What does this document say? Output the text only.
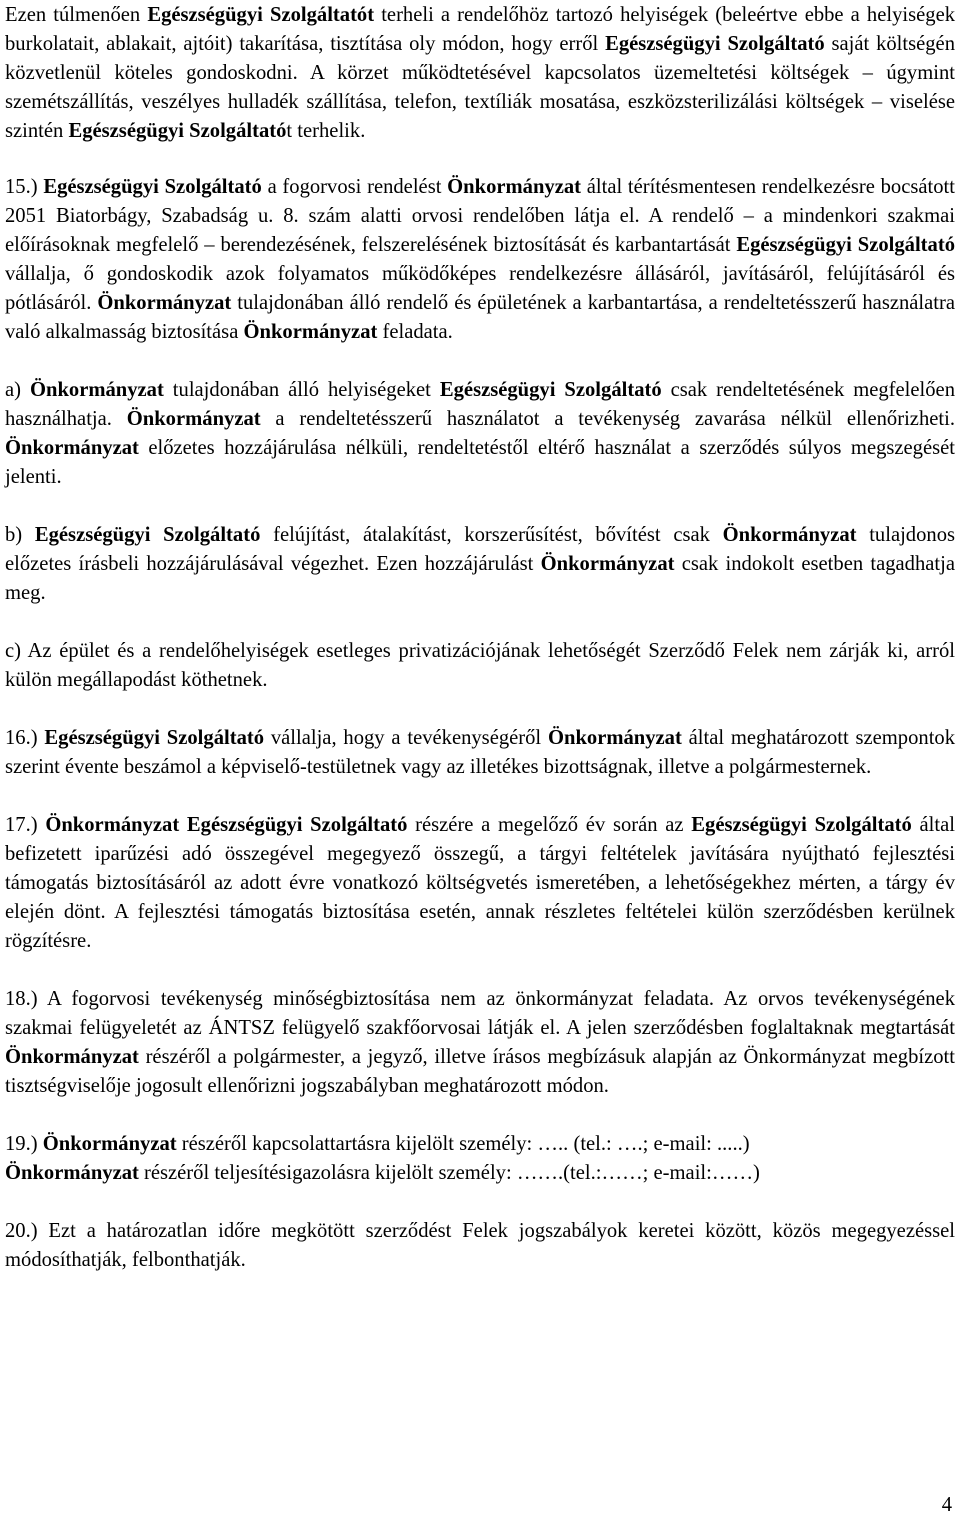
Ezen túlmenően Egészségügyi Szolgáltatót terheli a rendelőhöz tartozó helyiségek (beleértve ebbe a helyiségek burkolatait, ablakait, ajtóit) takarítása, tisztítása oly módon, hogy erről Egészségügyi Szolgáltató saját költségén közvetlenül köteles gondoskodni. A körzet működtetésével kapcsolatos üzemeltetési költségek – úgymint szemétszállítás, veszélyes hulladék szállítása, telefon, textíliák mosatása, eszközsterilizálási költségek – viselése szintén Egészségügyi Szolgáltatót terhelik.

15.) Egészségügyi Szolgáltató a fogorvosi rendelést Önkormányzat által térítésmentesen rendelkezésre bocsátott 2051 Biatorbágy, Szabadság u. 8. szám alatti orvosi rendelőben látja el. A rendelő – a mindenkori szakmai előírásoknak megfelelő – berendezésének, felszerelésének biztosítását és karbantartását Egészségügyi Szolgáltató vállalja, ő gondoskodik azok folyamatos működőképes rendelkezésre állásáról, javításáról, felújításáról és pótlásáról. Önkormányzat tulajdonában álló rendelő és épületének a karbantartása, a rendeltetésszerű használatra való alkalmasság biztosítása Önkormányzat feladata.

a) Önkormányzat tulajdonában álló helyiségeket Egészségügyi Szolgáltató csak rendeltetésének megfelelően használhatja. Önkormányzat a rendeltetésszerű használatot a tevékenység zavarása nélkül ellenőrizheti. Önkormányzat előzetes hozzájárulása nélküli, rendeltetéstől eltérő használat a szerződés súlyos megszegését jelenti.

b) Egészségügyi Szolgáltató felújítást, átalakítást, korszerűsítést, bővítést csak Önkormányzat tulajdonos előzetes írásbeli hozzájárulásával végezhet. Ezen hozzájárulást Önkormányzat csak indokolt esetben tagadhatja meg.

c) Az épület és a rendelőhelyiségek esetleges privatizációjának lehetőségét Szerződő Felek nem zárják ki, arról külön megállapodást köthetnek.

16.) Egészségügyi Szolgáltató vállalja, hogy a tevékenységéről Önkormányzat által meghatározott szempontok szerint évente beszámol a képviselő-testületnek vagy az illetékes bizottságnak, illetve a polgármesternek.

17.) Önkormányzat Egészségügyi Szolgáltató részére a megelőző év során az Egészségügyi Szolgáltató által befizetett iparűzési adó összegével megegyező összegű, a tárgyi feltételek javítására nyújtható fejlesztési támogatás biztosításáról az adott évre vonatkozó költségvetés ismeretében, a lehetőségekhez mérten, a tárgy év elején dönt. A fejlesztési támogatás biztosítása esetén, annak részletes feltételei külön szerződésben kerülnek rögzítésre.

18.) A fogorvosi tevékenység minőségbiztosítása nem az önkormányzat feladata. Az orvos tevékenységének szakmai felügyeletét az ÁNTSZ felügyelő szakfőorvosai látják el. A jelen szerződésben foglaltaknak megtartását Önkormányzat részéről a polgármester, a jegyző, illetve írásos megbízásuk alapján az Önkormányzat megbízott tisztségviselője jogosult ellenőrizni jogszabályban meghatározott módon.

19.) Önkormányzat részéről kapcsolattartásra kijelölt személy: ….. (tel.: ….; e-mail: .....)
Önkormányzat részéről teljesítésigazolásra kijelölt személy: …….(tel.:……; e-mail:……)

20.) Ezt a határozatlan időre megkötött szerződést Felek jogszabályok keretei között, közös megegyezéssel módosíthatják, felbonthatják.

4
